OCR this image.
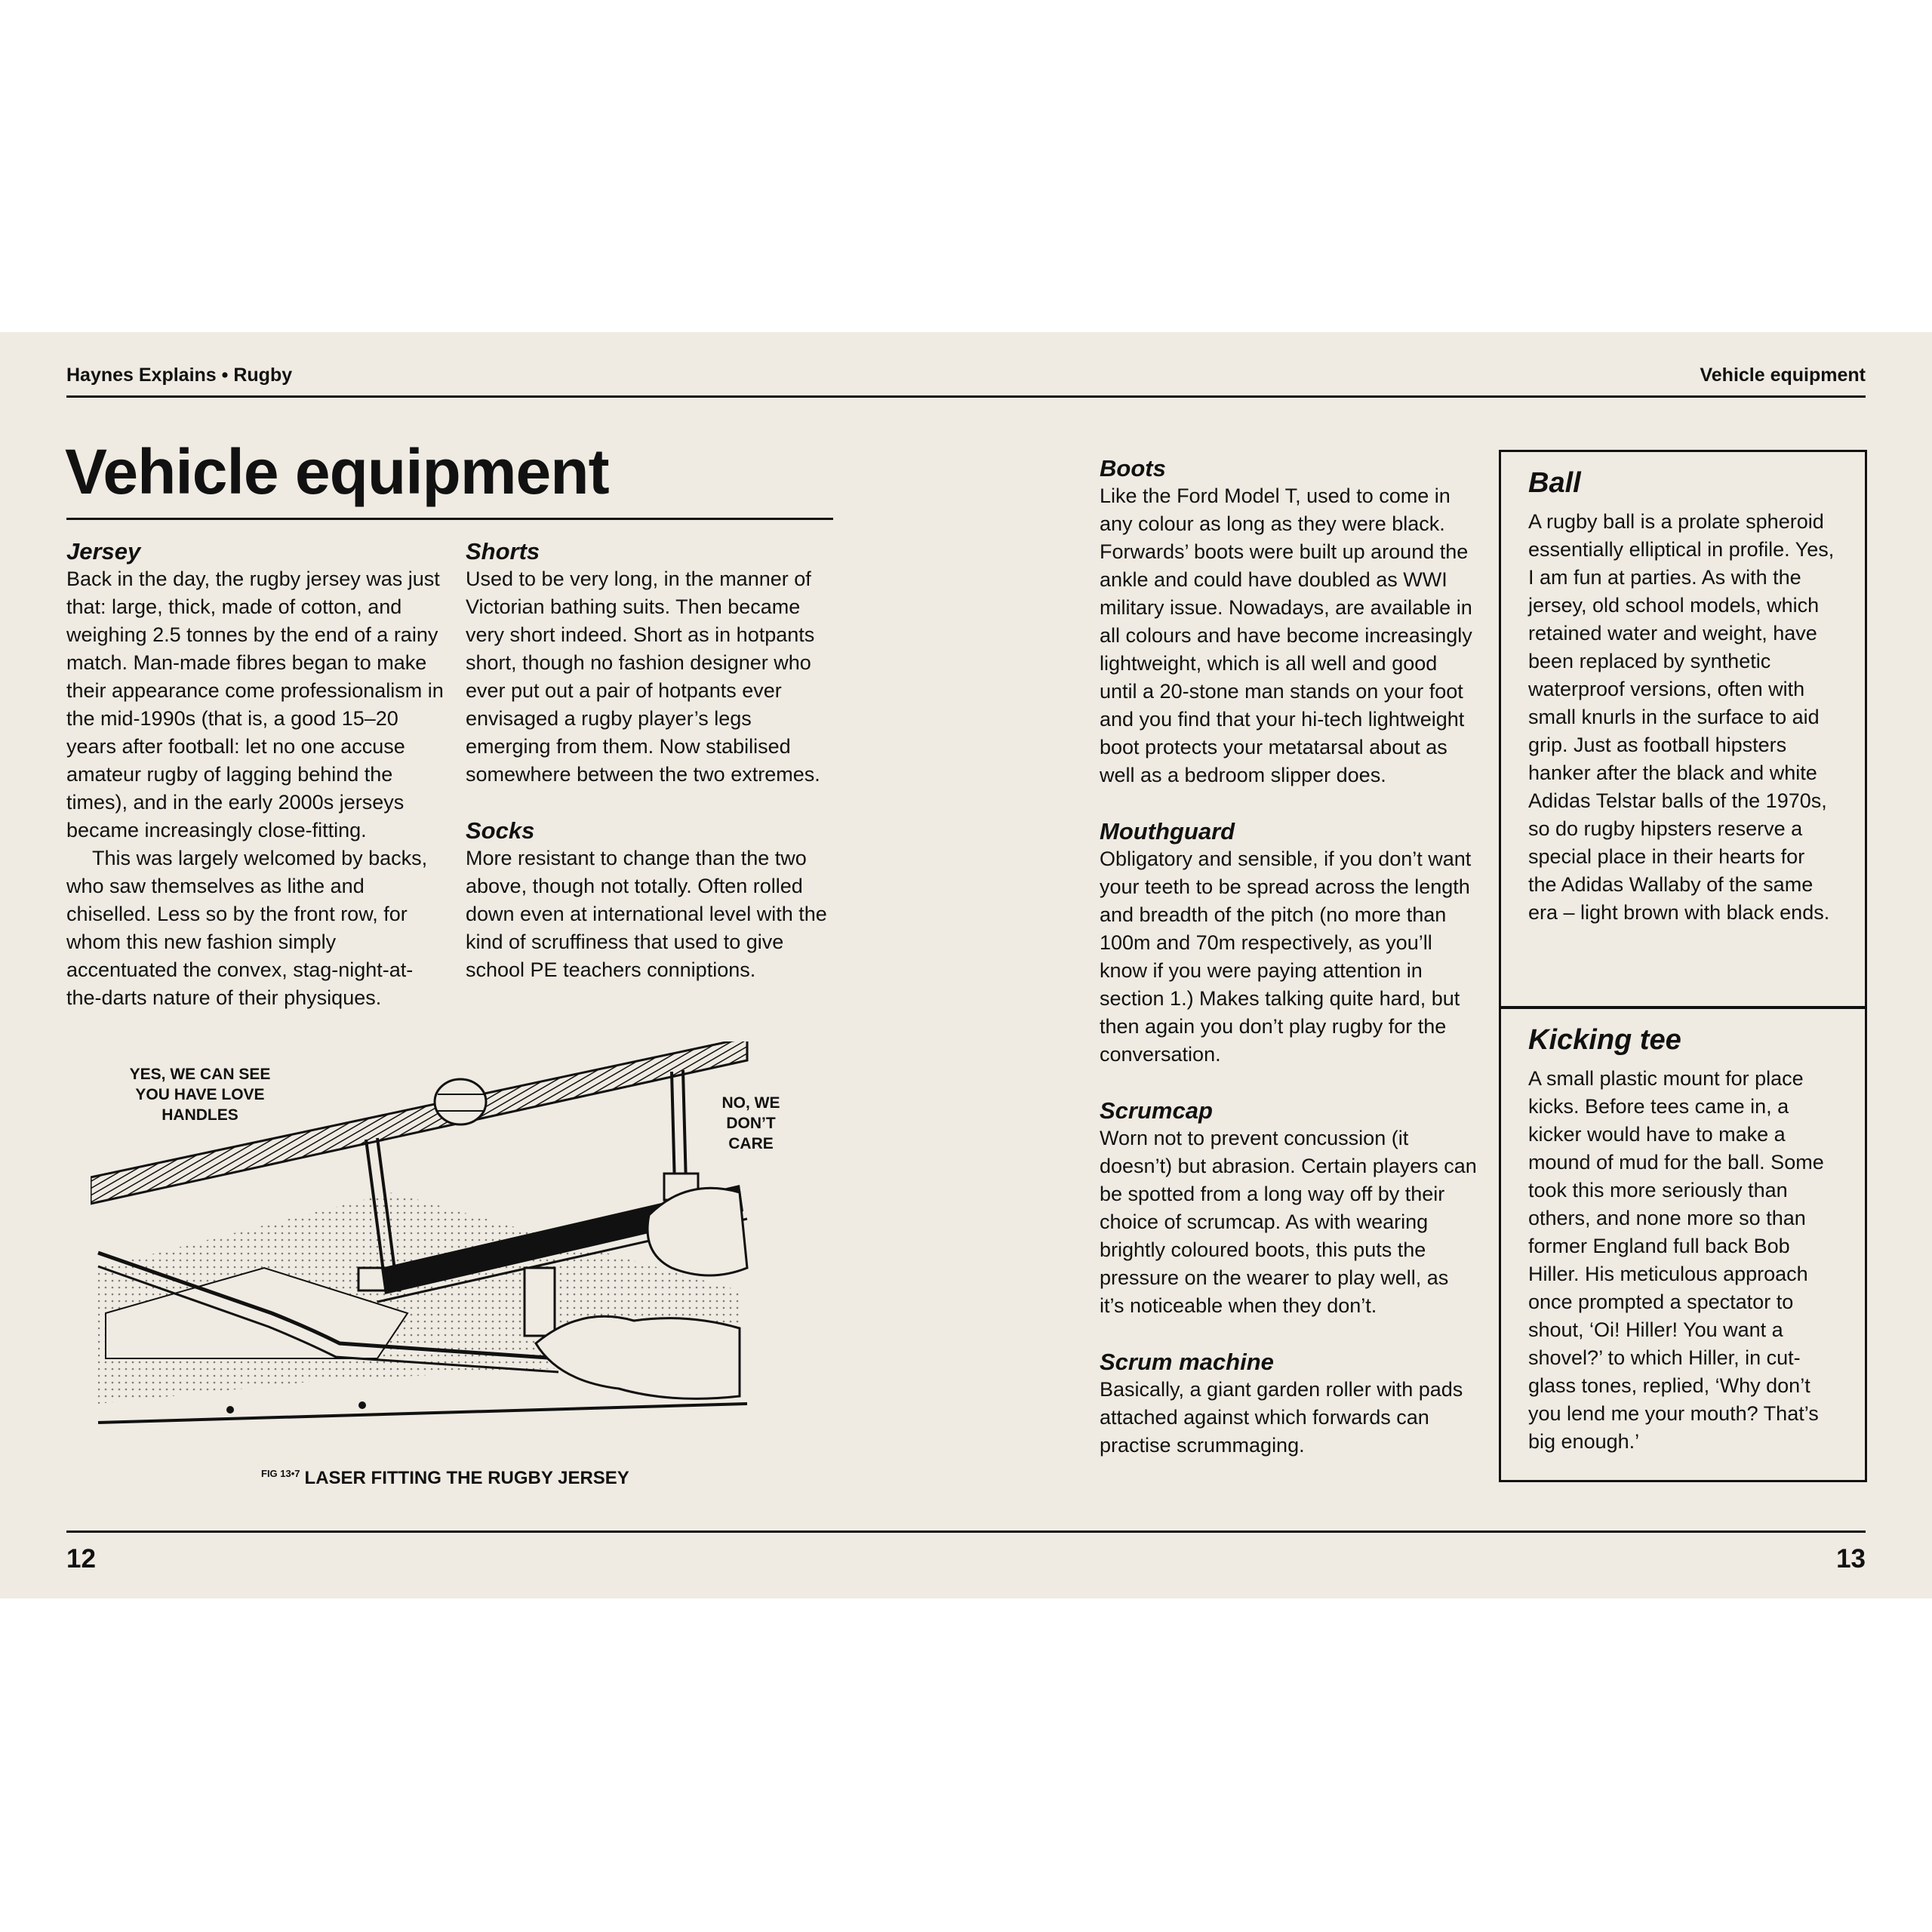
Haynes Explains • Rugby	Vehicle equipment
Vehicle equipment
Jersey

Back in the day, the rugby jersey was just that: large, thick, made of cotton, and weighing 2.5 tonnes by the end of a rainy match. Man-made fibres began to make their appearance come professionalism in the mid-1990s (that is, a good 15–20 years after football: let no one accuse amateur rugby of lagging behind the times), and in the early 2000s jerseys became increasingly close-fitting.

This was largely welcomed by backs, who saw themselves as lithe and chiselled. Less so by the front row, for whom this new fashion simply accentuated the convex, stag-night-at-the-darts nature of their physiques.

Shorts

Used to be very long, in the manner of Victorian bathing suits. Then became very short indeed. Short as in hotpants short, though no fashion designer who ever put out a pair of hotpants ever envisaged a rugby player’s legs emerging from them. Now stabilised somewhere between the two extremes.

Socks

More resistant to change than the two above, though not totally. Often rolled down even at international level with the kind of scruffiness that used to give school PE teachers conniptions.

YES, WE CAN SEE YOU HAVE LOVE HANDLES
NO, WE DON’T CARE
$^{FIG 13•7}$ LASER FITTING THE RUGBY JERSEY
Boots

Like the Ford Model T, used to come in any colour as long as they were black. Forwards’ boots were built up around the ankle and could have doubled as WWI military issue. Nowadays, are available in all colours and have become increasingly lightweight, which is all well and good until a 20-stone man stands on your foot and you find that your hi-tech lightweight boot protects your metatarsal about as well as a bedroom slipper does.

Mouthguard

Obligatory and sensible, if you don’t want your teeth to be spread across the length and breadth of the pitch (no more than 100m and 70m respectively, as you’ll know if you were paying attention in section 1.) Makes talking quite hard, but then again you don’t play rugby for the conversation.

Scrumcap

Worn not to prevent concussion (it doesn’t) but abrasion. Certain players can be spotted from a long way off by their choice of scrumcap. As with wearing brightly coloured boots, this puts the pressure on the wearer to play well, as it’s noticeable when they don’t.

Scrum machine

Basically, a giant garden roller with pads attached against which forwards can practise scrummaging.

Ball

A rugby ball is a prolate spheroid essentially elliptical in profile. Yes, I am fun at parties. As with the jersey, old school models, which retained water and weight, have been replaced by synthetic waterproof versions, often with small knurls in the surface to aid grip. Just as football hipsters hanker after the black and white Adidas Telstar balls of the 1970s, so do rugby hipsters reserve a special place in their hearts for the Adidas Wallaby of the same era – light brown with black ends.

Kicking tee

A small plastic mount for place kicks. Before tees came in, a kicker would have to make a mound of mud for the ball. Some took this more seriously than others, and none more so than former England full back Bob Hiller. His meticulous approach once prompted a spectator to shout, ‘Oi! Hiller! You want a shovel?’ to which Hiller, in cut-glass tones, replied, ‘Why don’t you lend me your mouth? That’s big enough.’

12	13
